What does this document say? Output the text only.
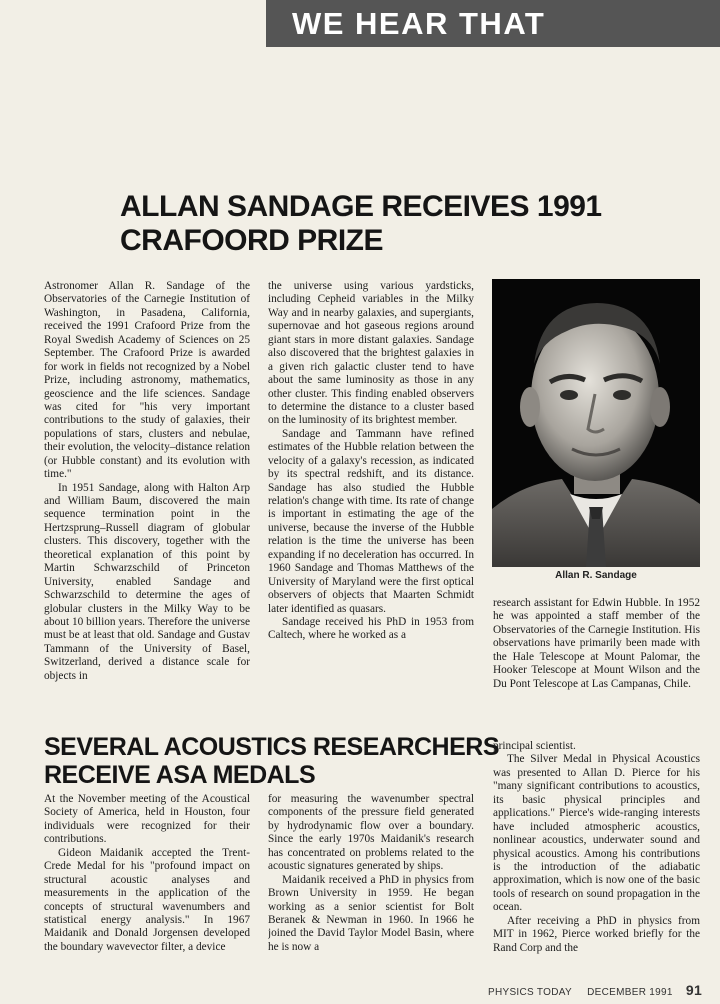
WE HEAR THAT
ALLAN SANDAGE RECEIVES 1991
CRAFOORD PRIZE

Astronomer Allan R. Sandage of the Observatories of the Carnegie Institution of Washington, in Pasadena, California, received the 1991 Crafoord Prize from the Royal Swedish Academy of Sciences on 25 September. The Crafoord Prize is awarded for work in fields not recognized by a Nobel Prize, including astronomy, mathematics, geoscience and the life sciences. Sandage was cited for "his very important contributions to the study of galaxies, their populations of stars, clusters and nebulae, their evolution, the velocity–distance relation (or Hubble constant) and its evolution with time."

In 1951 Sandage, along with Halton Arp and William Baum, discovered the main sequence termination point in the Hertzsprung–Russell diagram of globular clusters. This discovery, together with the theoretical explanation of this point by Martin Schwarzschild of Princeton University, enabled Sandage and Schwarzschild to determine the ages of globular clusters in the Milky Way to be about 10 billion years. Therefore the universe must be at least that old. Sandage and Gustav Tammann of the University of Basel, Switzerland, derived a distance scale for objects in

the universe using various yardsticks, including Cepheid variables in the Milky Way and in nearby galaxies, and supergiants, supernovae and hot gaseous regions around giant stars in more distant galaxies. Sandage also discovered that the brightest galaxies in a given rich galactic cluster tend to have about the same luminosity as those in any other cluster. This finding enabled observers to determine the distance to a cluster based on the luminosity of its brightest member.

Sandage and Tammann have refined estimates of the Hubble relation between the velocity of a galaxy's recession, as indicated by its spectral redshift, and its distance. Sandage has also studied the Hubble relation's change with time. Its rate of change is important in estimating the age of the universe, because the inverse of the Hubble relation is the time the universe has been expanding if no deceleration has occurred. In 1960 Sandage and Thomas Matthews of the University of Maryland were the first optical observers of objects that Maarten Schmidt later identified as quasars.

Sandage received his PhD in 1953 from Caltech, where he worked as a

Allan R. Sandage

research assistant for Edwin Hubble. In 1952 he was appointed a staff member of the Observatories of the Carnegie Institution. His observations have primarily been made with the Hale Telescope at Mount Palomar, the Hooker Telescope at Mount Wilson and the Du Pont Telescope at Las Campanas, Chile.

SEVERAL ACOUSTICS RESEARCHERS
RECEIVE ASA MEDALS

At the November meeting of the Acoustical Society of America, held in Houston, four individuals were recognized for their contributions.

Gideon Maidanik accepted the Trent-Crede Medal for his "profound impact on structural acoustic analyses and measurements in the application of the concepts of structural wavenumbers and statistical energy analysis." In 1967 Maidanik and Donald Jorgensen developed the boundary wavevector filter, a device

for measuring the wavenumber spectral components of the pressure field generated by hydrodynamic flow over a boundary. Since the early 1970s Maidanik's research has concentrated on problems related to the acoustic signatures generated by ships.

Maidanik received a PhD in physics from Brown University in 1959. He began working as a senior scientist for Bolt Beranek & Newman in 1960. In 1966 he joined the David Taylor Model Basin, where he is now a

principal scientist.

The Silver Medal in Physical Acoustics was presented to Allan D. Pierce for his "many significant contributions to acoustics, its basic physical principles and applications." Pierce's wide-ranging interests have included atmospheric acoustics, nonlinear acoustics, underwater sound and physical acoustics. Among his contributions is the introduction of the adiabatic approximation, which is now one of the basic tools of research on sound propagation in the ocean.

After receiving a PhD in physics from MIT in 1962, Pierce worked briefly for the Rand Corp and the

PHYSICS TODAY DECEMBER 1991 91
